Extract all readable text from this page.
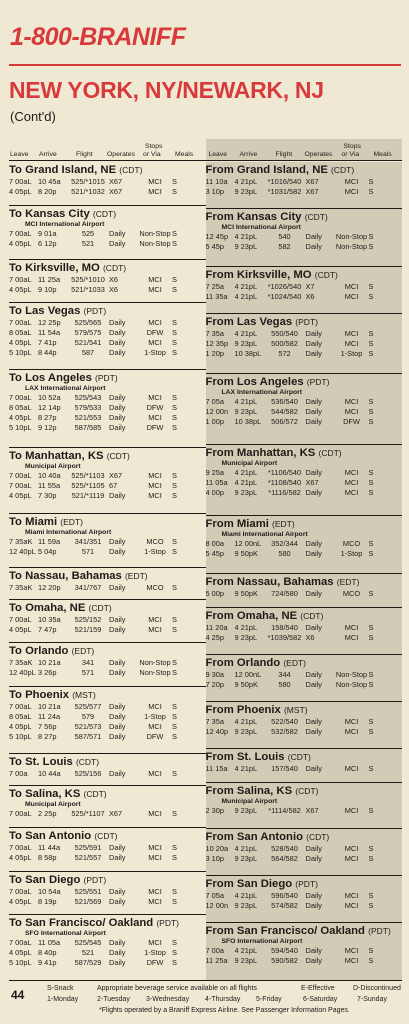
1-800-BRANIFF
NEW YORK, NY/NEWARK, NJ
(Cont'd)
Leave Arrive	Flight Operates
Stops
or Via Meals Leave Arrive	Flight Operates
Stops
or Via Meals
To Grand Island, NE (CDT)
7 00aL 10 45a	525/*1015 X67	MCI	S
4 05pL 8 20p	521/*1032 X67	MCI	S
To Kansas City (CDT)
MCI International Airport
7 00aL 9 01a	525	Daily	Non-Stop S
4 05pL 6 12p	521	Daily	Non-Stop S
To Kirksville, MO (CDT)
7 00aL 11 25a	525/*1010 X6	MCI	S
4 05pL 9 10p	521/*1033 X6	MCI	S
To Las Vegas (PDT)
7 00aL 12 25p	525/565	Daily	MCI	S
8 05aL 11 54a	579/575	Daily	DFW	S
4 05pL 7 41p	521/541	Daily	MCI	S
5 10pL 8 44p	587	Daily	1-Stop S
To Los Angeles (PDT)
LAX International Airport
7 00aL 10 52a	525/543	Daily	MCI	S
8 05aL 12 14p	579/533	Daily	DFW	S
4 05pL 8 27p	521/553	Daily	MCI	S
5 10pL 9 12p	587/585	Daily	DFW	S
To Manhattan, KS (CDT)
Municipal Airport
7 00aL 10 40a	525/*1103 X67	MCI	S
7 00aL 11 55a	525/*1105 67	MCI	S
4 05pL 7 30p	521/*1119 Daily	MCI	S
To Miami (EDT)
Miami International Airport
7 35aK 11 59a	341/351	Daily	MCO	S
12 40pL 5 04p	571	Daily	1-Stop S
To Nassau, Bahamas (EDT)
7 35aK 12 20p	341/767	Daily	MCO	S
To Omaha, NE (CDT)
7 00aL 10 35a	525/152	Daily	MCI	S
4 05pL 7 47p	521/159	Daily	MCI	S
To Orlando (EDT)
7 35aK 10 21a	341	Daily	Non-Stop S
12 40pL 3 26p	571	Daily	Non-Stop S
To Phoenix (MST)
7 00aL 10 21a	525/577	Daily	MCI	S
8 05aL 11 24a	579	Daily	1-Stop S
4 05pL 7 56p	521/573	Daily	MCI	S
5 10pL 8 27p	587/571	Daily	DFW	S
To St. Louis (CDT)
7 00a	10 44a	525/156	Daily	MCI	S
To Salina, KS (CDT)
Municipal Airport
7 00aL 2 25p	525/*1107 X67	MCI	S
To San Antonio (CDT)
7 00aL 11 44a	525/591	Daily	MCI	S
4 05pL 8 58p	521/557	Daily	MCI	S
To San Diego (PDT)
7 00aL 10 54a	525/551	Daily	MCI	S
4 05pL 8 19p	521/569	Daily	MCI	S
To San Francisco/ Oakland (PDT)
SFO International Airport
7 00aL 11 05a	525/545	Daily	MCI	S
4 05pL 8 40p	521	Daily	1-Stop S
5 10pL 9 41p	587/529	Daily	DFW	S
From Grand Island, NE (CDT)
11 10a 4 21pL	*1016/540 X67	MCI	S
3 10p	9 23pL	*1031/582 X67	MCI	S
From Kansas City (CDT)
MCI International Airport
12 45p 4 21pL	540	Daily	Non-Stop S
5 45p	9 23pL	582	Daily	Non-Stop S
From Kirksville, MO (CDT)
7 25a	4 21pL	*1026/540 X7	MCI	S
11 35a 4 21pL	*1024/540 X6	MCI	S
From Las Vegas (PDT)
7 35a	4 21pL	550/540	Daily	MCI	S
12 35p 9 23pL	500/582	Daily	MCI	S
1 20p	10 38pL	572	Daily	1-Stop S
From Los Angeles (PDT)
LAX International Airport
7 05a	4 21pL	536/540	Daily	MCI	S
12 00n 9 23pL	544/582	Daily	MCI	S
1 00p	10 38pL	506/572	Daily	DFW	S
From Manhattan, KS (CDT)
Municipal Airport
9 25a	4 21pL	*1106/540 Daily	MCI	S
11 05a 4 21pL	*1108/540 X67	MCI	S
4 00p	9 23pL	*1116/582 Daily	MCI	S
From Miami (EDT)
Miami International Airport
8 00a	12 00nL	352/344	Daily	MCO	S
5 45p	9 50pK	580	Daily	1-Stop S
From Nassau, Bahamas (EDT)
5 00p	9 50pK	724/580	Daily	MCO	S
From Omaha, NE (CDT)
11 20a 4 21pL	158/540	Daily	MCI	S
4 25p	9 23pL	*1039/582 X6	MCI	S
From Orlando (EDT)
9 30a	12 00nL	344	Daily	Non-Stop S
7 20p	9 50pK	580	Daily	Non-Stop S
From Phoenix (MST)
7 35a	4 21pL	522/540	Daily	MCI	S
12 40p 9 23pL	532/582	Daily	MCI	S
From St. Louis (CDT)
11 15a 4 21pL	157/540	Daily	MCI	S
From Salina, KS (CDT)
Municipal Airport
2 30p	9 23pL	*1114/582 X67	MCI	S
From San Antonio (CDT)
10 20a 4 21pL	528/540	Daily	MCI	S
3 10p	9 23pL	564/582	Daily	MCI	S
From San Diego (PDT)
7 05a	4 21pL	596/540	Daily	MCI	S
12 00n 9 23pL	574/582	Daily	MCI	S
From San Francisco/ Oakland (PDT)
SFO International Airport
7 00a	4 21pL	594/540	Daily	MCI	S
11 25a 9 23pL	590/582	Daily	MCI	S
44	S-Snack	Appropriate beverage service available on all flights	E-Effective	D-Discontinued
1-Monday	2-Tuesday 3-Wednesday 4-Thursday 5-Friday	6-Saturday	7-Sunday
*Flights operated by a Braniff Express Airline. See Passenger Information Pages.
